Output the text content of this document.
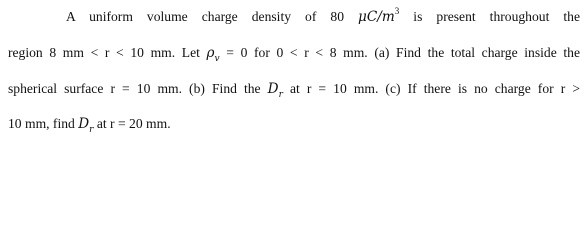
A uniform volume charge density of 80 $\mu C/m^3$ is present throughout the
region 8 mm < r < 10 mm. Let $\rho_v = 0$ for 0 < r < 8 mm. (a) Find the total charge inside the
spherical surface r = 10 mm. (b) Find the $D_r$ at r = 10 mm. (c) If there is no charge for r >
10 mm, find $D_r$ at r = 20 mm.
